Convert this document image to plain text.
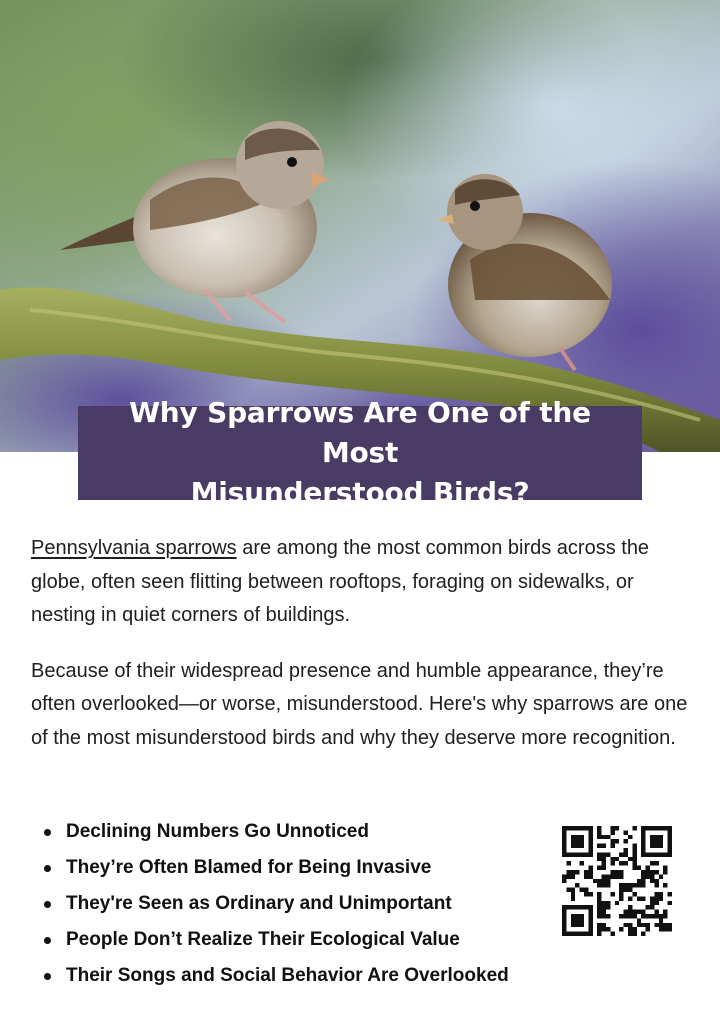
Why Sparrows Are One of the Most
Misunderstood Birds?

Pennsylvania sparrows are among the most common birds across the globe, often seen flitting between rooftops, foraging on sidewalks, or nesting in quiet corners of buildings.

Because of their widespread presence and humble appearance, they’re often overlooked—or worse, misunderstood. Here's why sparrows are one of the most misunderstood birds and why they deserve more recognition.

Declining Numbers Go Unnoticed
They’re Often Blamed for Being Invasive
They're Seen as Ordinary and Unimportant
People Don’t Realize Their Ecological Value
Their Songs and Social Behavior Are Overlooked
